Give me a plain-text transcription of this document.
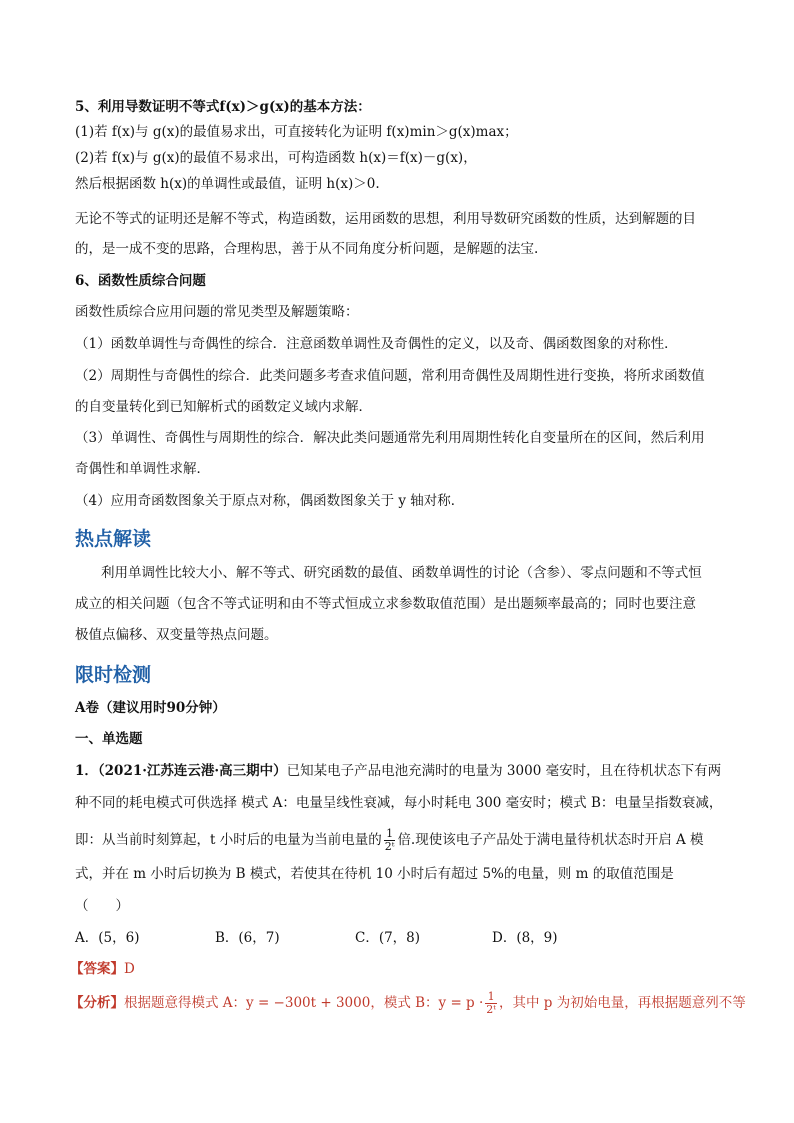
5、利用导数证明不等式f(x)＞g(x)的基本方法：
(1)若 f(x)与 g(x)的最值易求出，可直接转化为证明 f(x)min＞g(x)max；
(2)若 f(x)与 g(x)的最值不易求出，可构造函数 h(x)＝f(x)－g(x)，
然后根据函数 h(x)的单调性或最值，证明 h(x)＞0.
无论不等式的证明还是解不等式，构造函数，运用函数的思想，利用导数研究函数的性质，达到解题的目
的，是一成不变的思路，合理构思，善于从不同角度分析问题，是解题的法宝.
6、函数性质综合问题
函数性质综合应用问题的常见类型及解题策略：
（1）函数单调性与奇偶性的综合．注意函数单调性及奇偶性的定义，以及奇、偶函数图象的对称性．
（2）周期性与奇偶性的综合．此类问题多考查求值问题，常利用奇偶性及周期性进行变换，将所求函数值
的自变量转化到已知解析式的函数定义域内求解．
（3）单调性、奇偶性与周期性的综合．解决此类问题通常先利用周期性转化自变量所在的区间，然后利用
奇偶性和单调性求解．
（4）应用奇函数图象关于原点对称，偶函数图象关于 y 轴对称．
热点解读
利用单调性比较大小、解不等式、研究函数的最值、函数单调性的讨论（含参）、零点问题和不等式恒
成立的相关问题（包含不等式证明和由不等式恒成立求参数取值范围）是出题频率最高的；同时也要注意
极值点偏移、双变量等热点问题。
限时检测
A卷（建议用时90分钟）
一、单选题
1．（2021·江苏连云港·高三期中）已知某电子产品电池充满时的电量为 3000 毫安时，且在待机状态下有两
种不同的耗电模式可供选择 模式 A：电量呈线性衰减，每小时耗电 300 毫安时；模式 B：电量呈指数衰减，
即：从当前时刻算起，t 小时后的电量为当前电量的 $\frac{1}{\text{2ᵗ}}$ 倍.现使该电子产品处于满电量待机状态时开启 A 模
式，并在 m 小时后切换为 B 模式，若使其在待机 10 小时后有超过 5%的电量，则 m 的取值范围是
（　　）
A．(5，6)	B．(6，7)	C．(7，8)	D．(8，9)
【答案】D
【分析】根据题意得模式 A：y = −300t + 3000，模式 B：$y = p \cdot \frac{1}{\text{2ᵗ}}$ ，其中 p 为初始电量，再根据题意列不等
